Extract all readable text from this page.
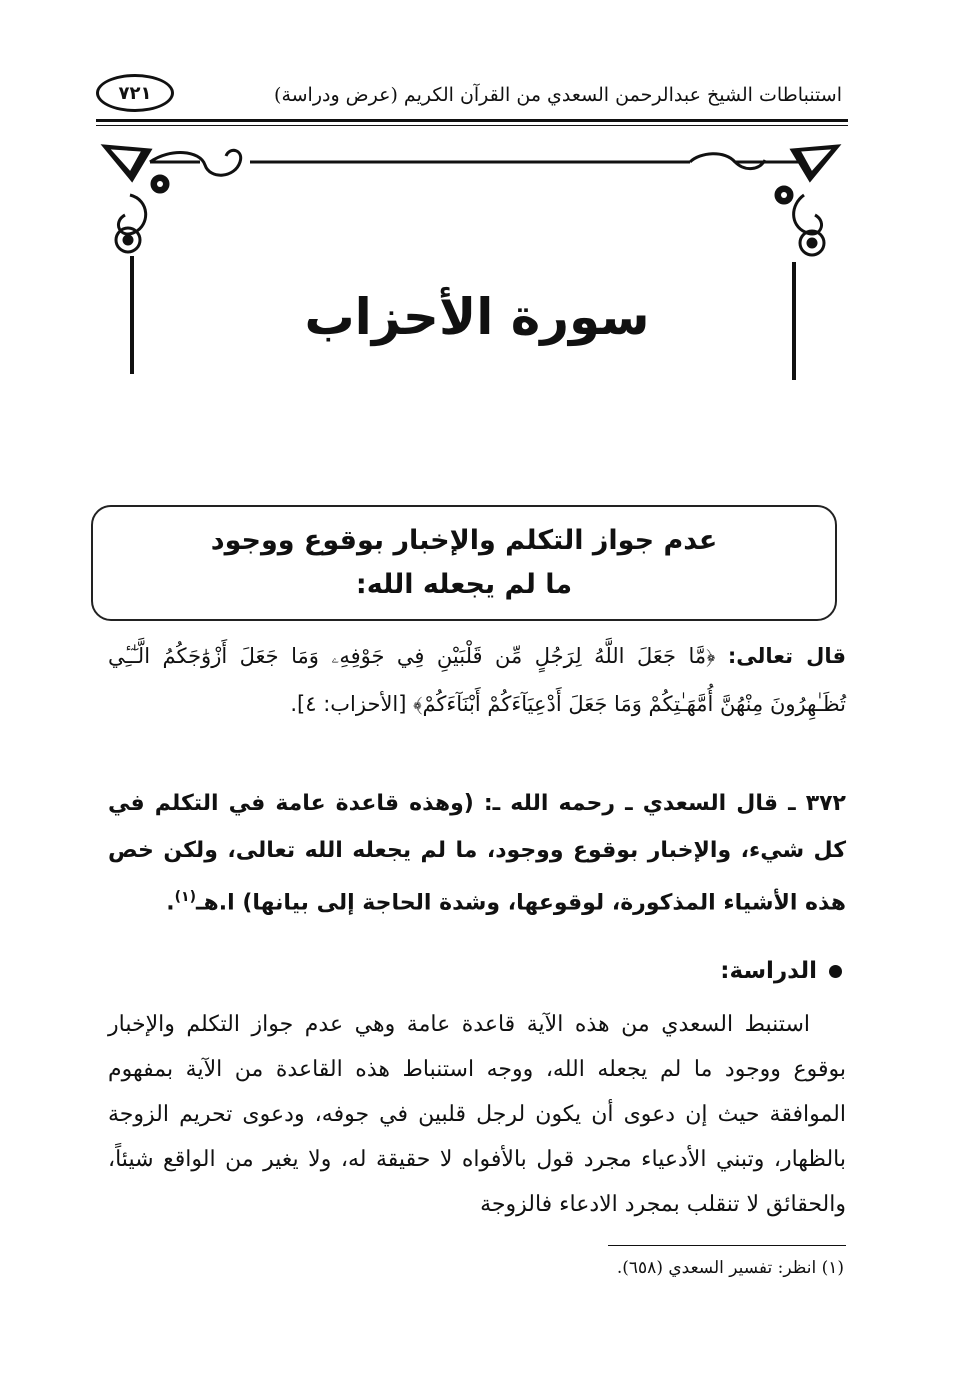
استنباطات الشيخ عبدالرحمن السعدي من القرآن الكريم (عرض ودراسة)
٧٢١
سورة الأحزاب
عدم جواز التكلم والإخبار بوقوع ووجود
ما لم يجعله الله:
قال تعالى: ﴿مَّا جَعَلَ اللَّهُ لِرَجُلٍ مِّن قَلْبَيْنِ فِي جَوْفِهِۦ وَمَا جَعَلَ أَزْوَٰجَكُمُ الَّـٰٓـِٔي تُظَـٰهِرُونَ مِنْهُنَّ أُمَّهَـٰتِكُمْ وَمَا جَعَلَ أَدْعِيَآءَكُمْ أَبْنَآءَكُمْ﴾ [الأحزاب: ٤].
٣٧٢ ـ قال السعدي ـ رحمه الله ـ: (وهذه قاعدة عامة في التكلم في كل شيء، والإخبار بوقوع ووجود، ما لم يجعله الله تعالى، ولكن خص هذه الأشياء المذكورة، لوقوعها، وشدة الحاجة إلى بيانها) ا.هـ$^{(١)}$.
الدراسة:

استنبط السعدي من هذه الآية قاعدة عامة وهي عدم جواز التكلم والإخبار بوقوع ووجود ما لم يجعله الله، ووجه استنباط هذه القاعدة من الآية بمفهوم الموافقة حيث إن دعوى أن يكون لرجل قلبين في جوفه، ودعوى تحريم الزوجة بالظهار، وتبني الأدعياء مجرد قول بالأفواه لا حقيقة له، ولا يغير من الواقع شيئاً، والحقائق لا تنقلب بمجرد الادعاء فالزوجة

(١) انظر: تفسير السعدي (٦٥٨).
